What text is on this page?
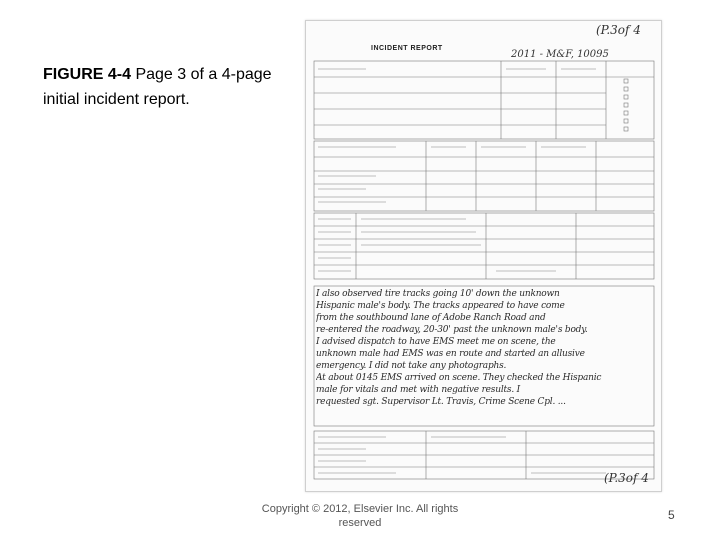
FIGURE 4-4 Page 3 of a 4-page initial incident report.
INCIDENT REPORT
(P.3of 4
2011 - M&F, 10095
I also observed tire tracks going 10' down the unknown
Hispanic male's body. The tracks appeared to have come
from the southbound lane of Adobe Ranch Road and
re-entered the roadway, 20-30' past the unknown male's body.
I advised dispatch to have EMS meet me on scene, the
unknown male had EMS was en route and started an allusive
emergency. I did not take any photographs.
At about 0145 EMS arrived on scene. They checked the Hispanic
male for vitals and met with negative results. I
requested sgt. Supervisor Lt. Travis, Crime Scene Cpl. ...
(P.3of 4
Copyright © 2012, Elsevier Inc. All rights reserved
5
